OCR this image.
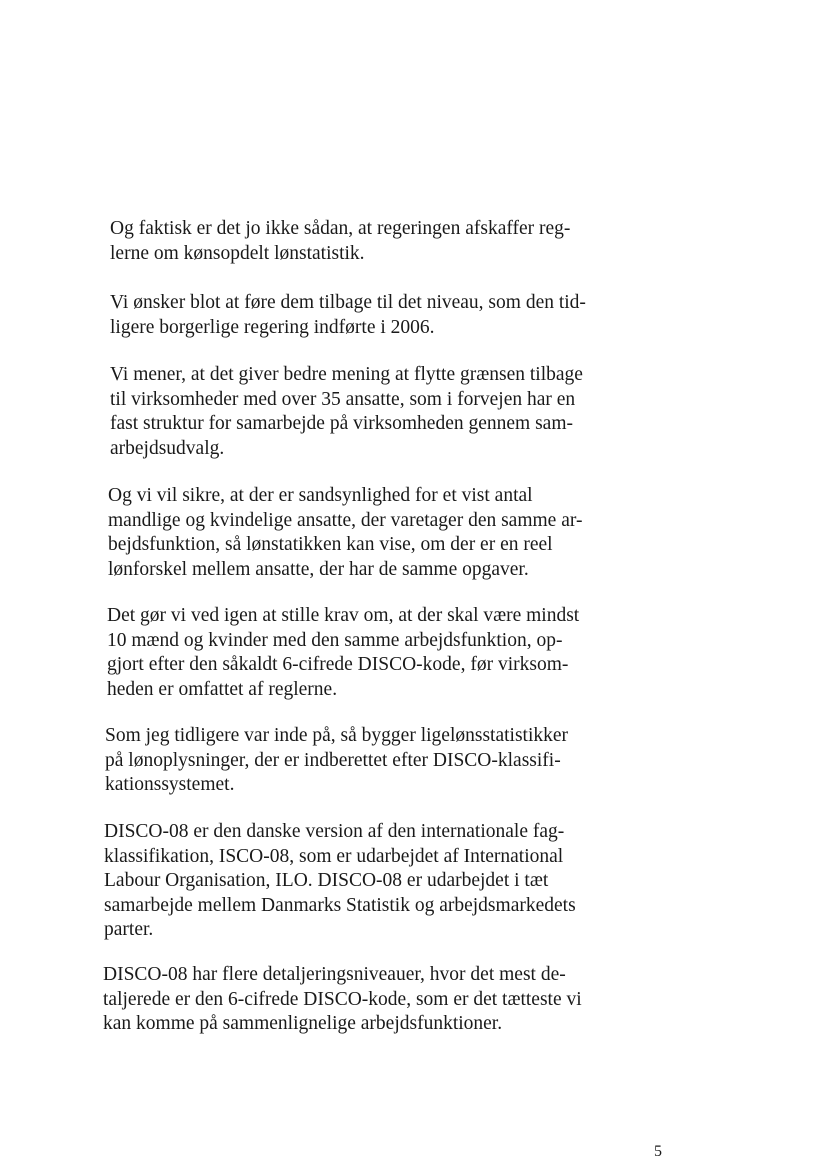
Og faktisk er det jo ikke sådan, at regeringen afskaffer reg-
lerne om kønsopdelt lønstatistik.

Vi ønsker blot at føre dem tilbage til det niveau, som den tid-
ligere borgerlige regering indførte i 2006.

Vi mener, at det giver bedre mening at flytte grænsen tilbage
til virksomheder med over 35 ansatte, som i forvejen har en
fast struktur for samarbejde på virksomheden gennem sam-
arbejdsudvalg.

Og vi vil sikre, at der er sandsynlighed for et vist antal
mandlige og kvindelige ansatte, der varetager den samme ar-
bejdsfunktion, så lønstatikken kan vise, om der er en reel
lønforskel mellem ansatte, der har de samme opgaver.

Det gør vi ved igen at stille krav om, at der skal være mindst
10 mænd og kvinder med den samme arbejdsfunktion, op-
gjort efter den såkaldt 6-cifrede DISCO-kode, før virksom-
heden er omfattet af reglerne.

Som jeg tidligere var inde på, så bygger ligelønsstatistikker
på lønoplysninger, der er indberettet efter DISCO-klassifi-
kationssystemet.

DISCO-08 er den danske version af den internationale fag-
klassifikation, ISCO-08, som er udarbejdet af International
Labour Organisation, ILO. DISCO-08 er udarbejdet i tæt
samarbejde mellem Danmarks Statistik og arbejdsmarkedets
parter.

DISCO-08 har flere detaljeringsniveauer, hvor det mest de-
taljerede er den 6-cifrede DISCO-kode, som er det tætteste vi
kan komme på sammenlignelige arbejdsfunktioner.

5
